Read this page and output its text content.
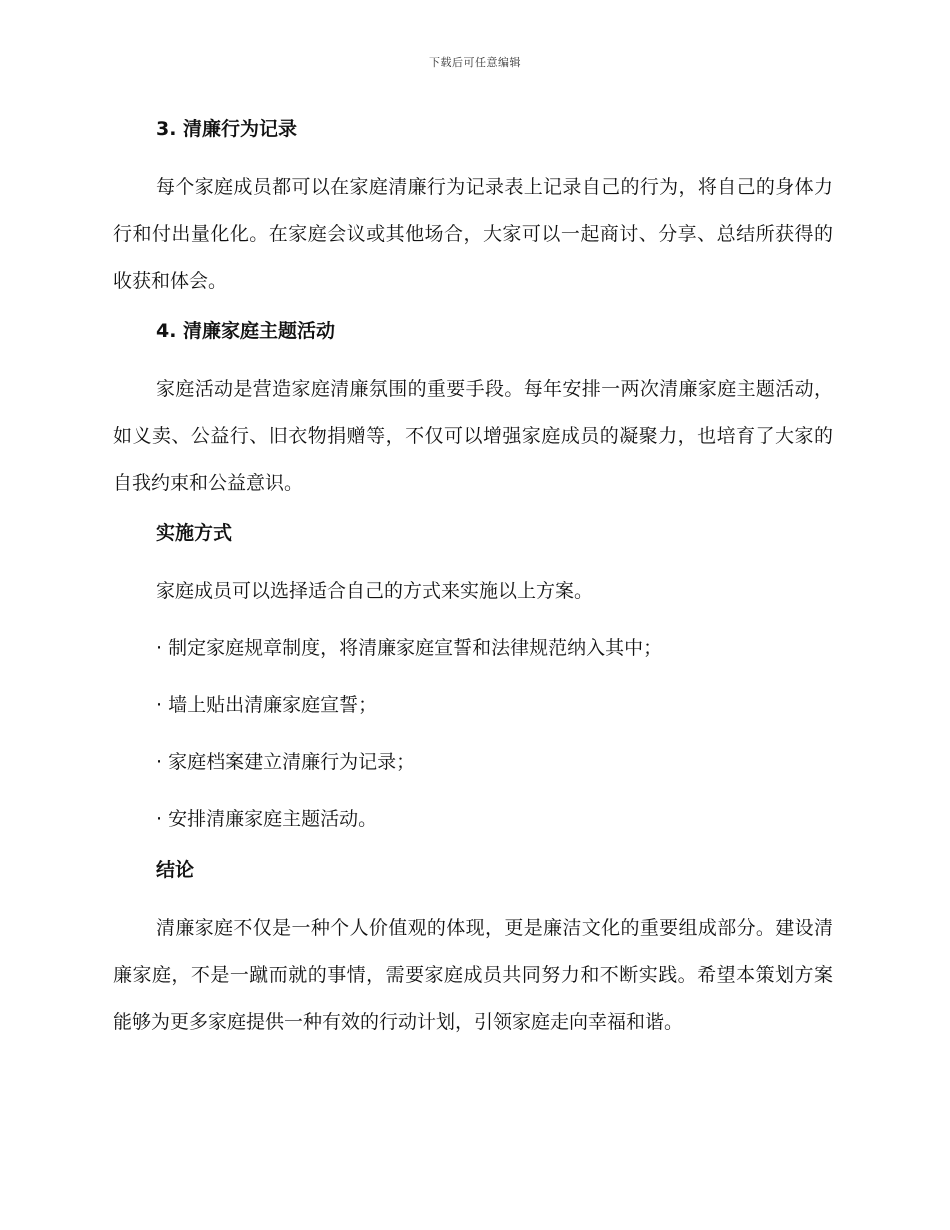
下载后可任意编辑
3. 清廉行为记录

每个家庭成员都可以在家庭清廉行为记录表上记录自己的行为，将自己的身体力行和付出量化化。在家庭会议或其他场合，大家可以一起商讨、分享、总结所获得的收获和体会。

4. 清廉家庭主题活动

家庭活动是营造家庭清廉氛围的重要手段。每年安排一两次清廉家庭主题活动，如义卖、公益行、旧衣物捐赠等，不仅可以增强家庭成员的凝聚力，也培育了大家的自我约束和公益意识。

实施方式

家庭成员可以选择适合自己的方式来实施以上方案。

· 制定家庭规章制度，将清廉家庭宣誓和法律规范纳入其中；
· 墙上贴出清廉家庭宣誓；
· 家庭档案建立清廉行为记录；
· 安排清廉家庭主题活动。
结论

清廉家庭不仅是一种个人价值观的体现，更是廉洁文化的重要组成部分。建设清廉家庭，不是一蹴而就的事情，需要家庭成员共同努力和不断实践。希望本策划方案能够为更多家庭提供一种有效的行动计划，引领家庭走向幸福和谐。
